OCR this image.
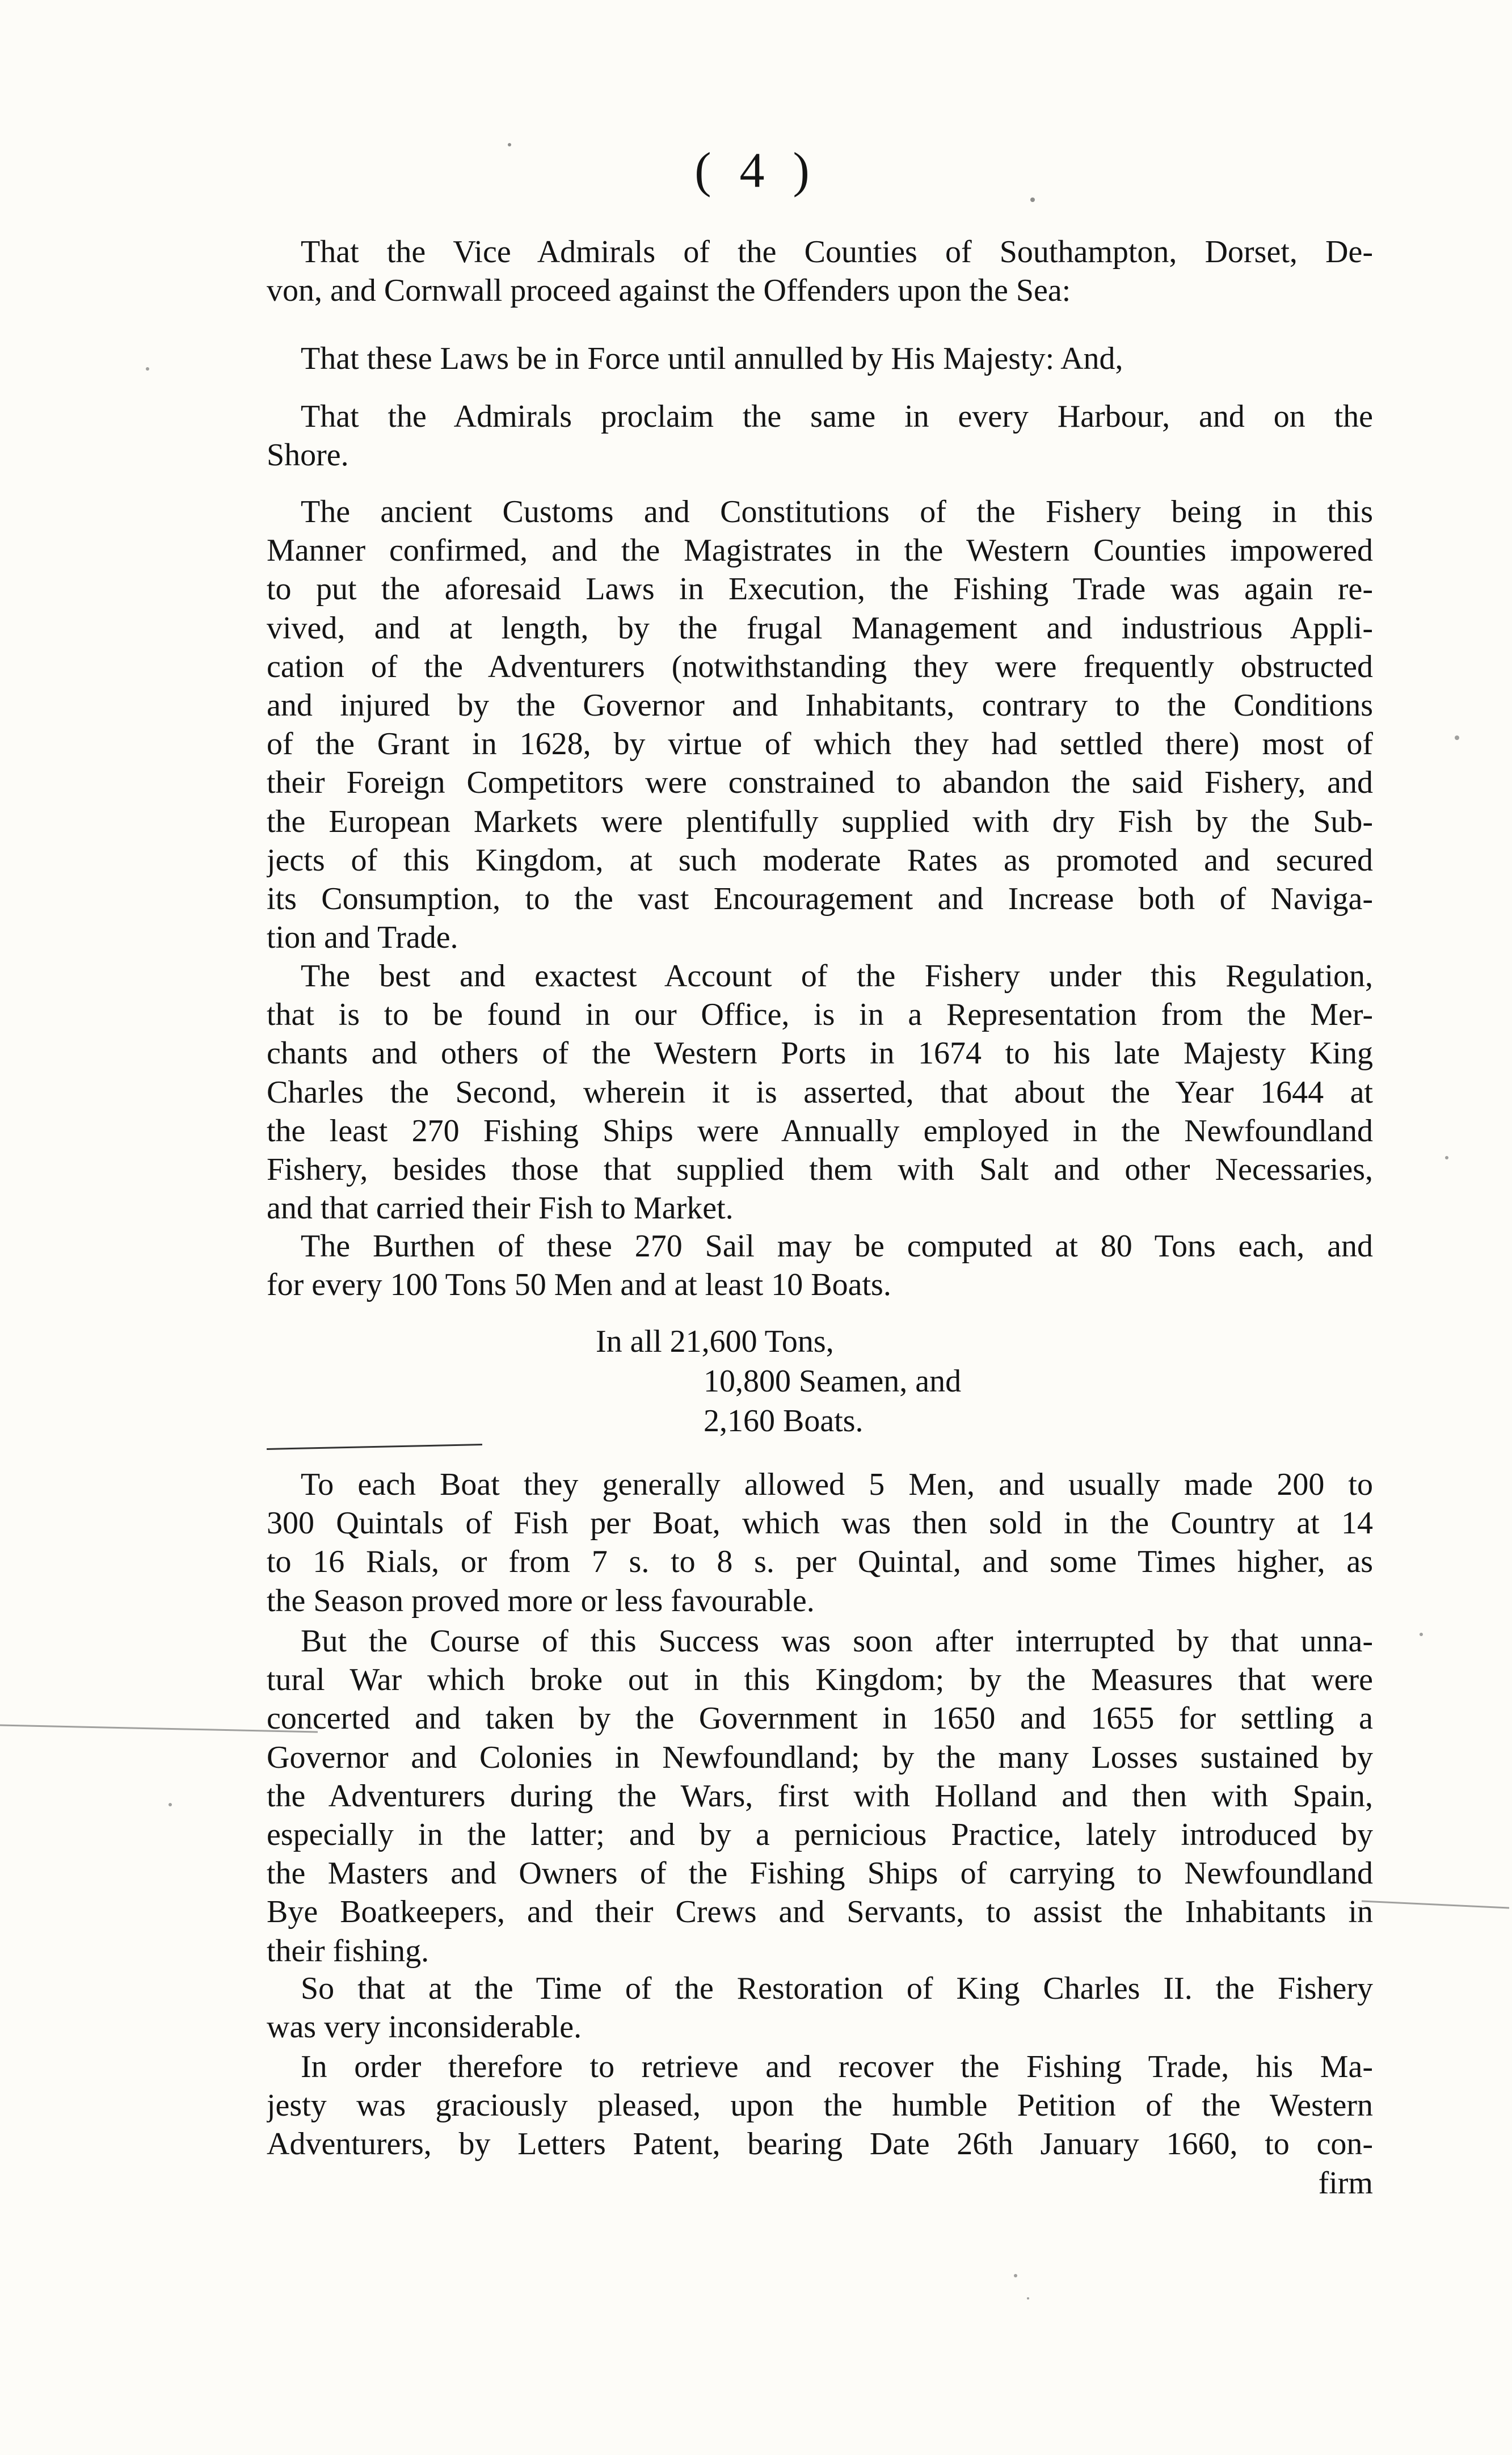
( 4 )
That the Vice Admirals of the Counties of Southampton, Dorset, De-
von, and Cornwall proceed against the Offenders upon the Sea:
That these Laws be in Force until annulled by His Majesty: And,
That the Admirals proclaim the same in every Harbour, and on the
Shore.
The ancient Customs and Constitutions of the Fishery being in this
Manner confirmed, and the Magistrates in the Western Counties impowered
to put the aforesaid Laws in Execution, the Fishing Trade was again re-
vived, and at length, by the frugal Management and industrious Appli-
cation of the Adventurers (notwithstanding they were frequently obstructed
and injured by the Governor and Inhabitants, contrary to the Conditions
of the Grant in 1628, by virtue of which they had settled there) most of
their Foreign Competitors were constrained to abandon the said Fishery, and
the European Markets were plentifully supplied with dry Fish by the Sub-
jects of this Kingdom, at such moderate Rates as promoted and secured
its Consumption, to the vast Encouragement and Increase both of Naviga-
tion and Trade.
The best and exactest Account of the Fishery under this Regulation,
that is to be found in our Office, is in a Representation from the Mer-
chants and others of the Western Ports in 1674 to his late Majesty King
Charles the Second, wherein it is asserted, that about the Year 1644 at
the least 270 Fishing Ships were Annually employed in the Newfoundland
Fishery, besides those that supplied them with Salt and other Necessaries,
and that carried their Fish to Market.
The Burthen of these 270 Sail may be computed at 80 Tons each, and
for every 100 Tons 50 Men and at least 10 Boats.
In all 21,600 Tons,
10,800 Seamen, and
2,160 Boats.
To each Boat they generally allowed 5 Men, and usually made 200 to
300 Quintals of Fish per Boat, which was then sold in the Country at 14
to 16 Rials, or from 7 s. to 8 s. per Quintal, and some Times higher, as
the Season proved more or less favourable.
But the Course of this Success was soon after interrupted by that unna-
tural War which broke out in this Kingdom; by the Measures that were
concerted and taken by the Government in 1650 and 1655 for settling a
Governor and Colonies in Newfoundland; by the many Losses sustained by
the Adventurers during the Wars, first with Holland and then with Spain,
especially in the latter; and by a pernicious Practice, lately introduced by
the Masters and Owners of the Fishing Ships of carrying to Newfoundland
Bye Boatkeepers, and their Crews and Servants, to assist the Inhabitants in
their fishing.
So that at the Time of the Restoration of King Charles II. the Fishery
was very inconsiderable.
In order therefore to retrieve and recover the Fishing Trade, his Ma-
jesty was graciously pleased, upon the humble Petition of the Western
Adventurers, by Letters Patent, bearing Date 26th January 1660, to con-
firm
